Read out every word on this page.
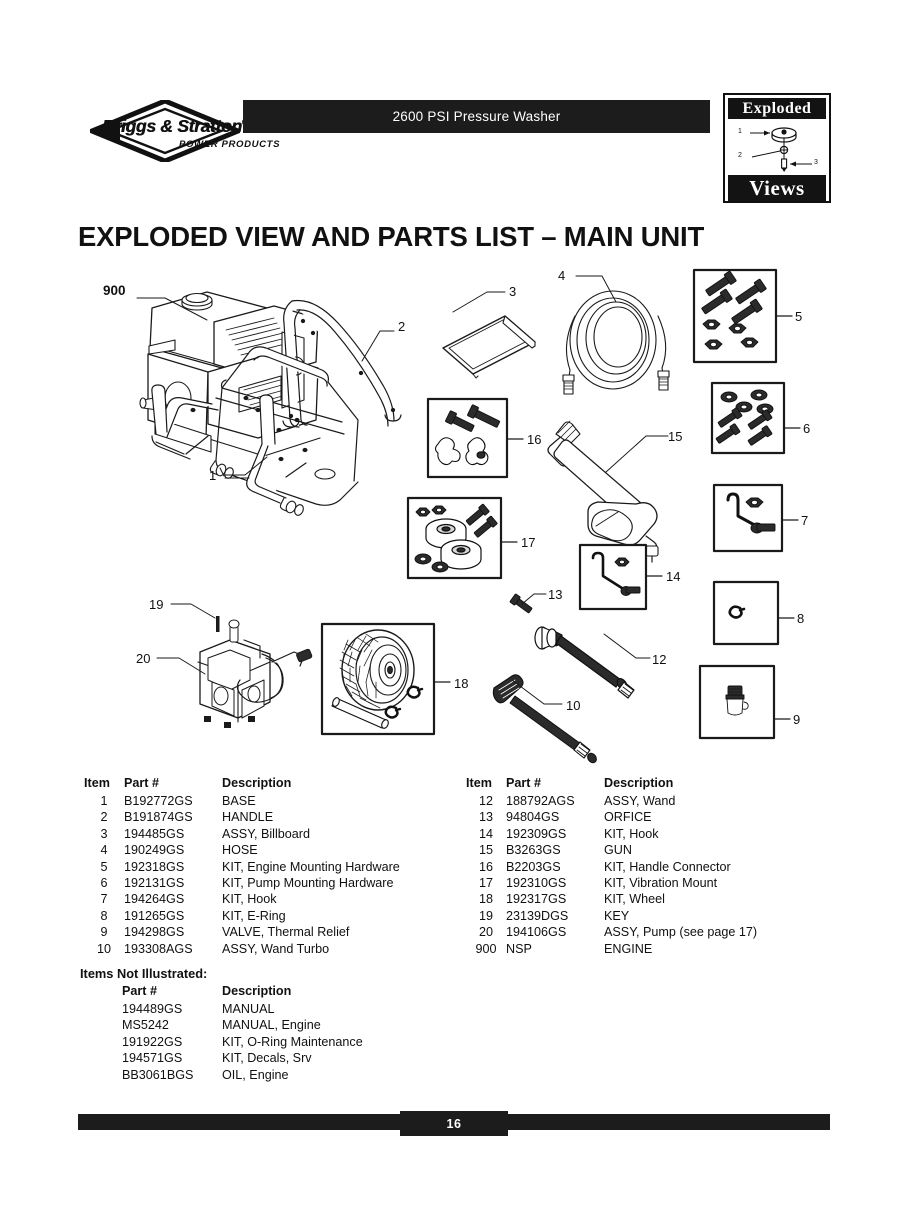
Briggs & Stratton
POWER PRODUCTS
2600 PSI Pressure Washer	Exploded
1
2
3
Views
EXPLODED VIEW AND PARTS LIST – MAIN UNIT
900
2
3
4
5
6
7
8
9
1
16	15
17
14
13
19
20
18
12
10
Item	Part #	Description
1	B192772GS	BASE
2	B191874GS	HANDLE
3	194485GS	ASSY, Billboard
4	190249GS	HOSE
5	192318GS	KIT, Engine Mounting Hardware
6	192131GS	KIT, Pump Mounting Hardware
7	194264GS	KIT, Hook
8	191265GS	KIT, E-Ring
9	194298GS	VALVE, Thermal Relief
10	193308AGS	ASSY, Wand Turbo
Item	Part #	Description
12	188792AGS	ASSY, Wand
13	94804GS	ORFICE
14	192309GS	KIT, Hook
15	B3263GS	GUN
16	B2203GS	KIT, Handle Connector
17	192310GS	KIT, Vibration Mount
18	192317GS	KIT, Wheel
19	23139DGS	KEY
20	194106GS	ASSY, Pump (see page 17)
900 NSP	ENGINE
Items Not Illustrated:
Part #	Description
194489GS	MANUAL
MS5242	MANUAL, Engine
191922GS	KIT, O-Ring Maintenance
194571GS	KIT, Decals, Srv
BB3061BGS	OIL, Engine
16
